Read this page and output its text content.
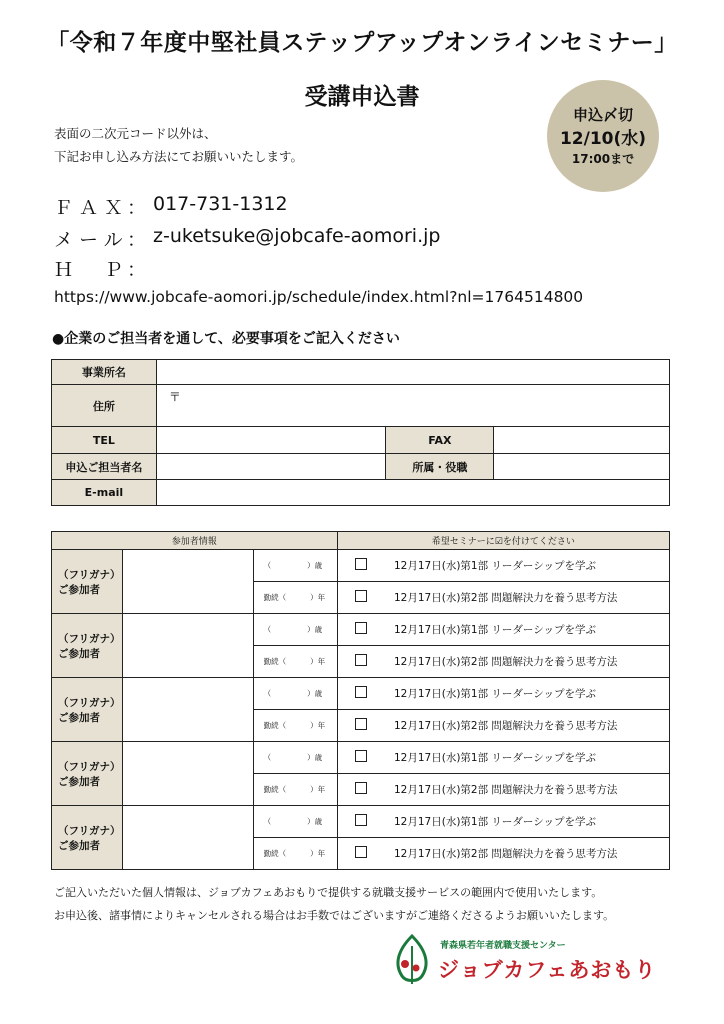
「令和７年度中堅社員ステップアップオンラインセミナー」
受講申込書
表面の二次元コード以外は、
下記お申し込み方法にてお願いいたします。
申込〆切
12/10(水)
17:00まで
ＦＡＸ
： 017-731-1312
メール
： z-uketsuke@jobcafe-aomori.jp
Ｈ　Ｐ
：
https://www.jobcafe-aomori.jp/schedule/index.html?nl=1764514800
●企業のご担当者を通して、必要事項をご記入ください
事業所名			
住所	〒		
TEL		FAX	
申込ご担当者名		所属・役職	
E-mail			
参加者情報			希望セミナーに☑を付けてください	
（フリガナ）
ご参加者		（ ）歳		12月17日(水)第1部 リーダーシップを学ぶ
		勤続（ ）年		12月17日(水)第2部 問題解決力を養う思考方法
（フリガナ）
ご参加者		（ ）歳		12月17日(水)第1部 リーダーシップを学ぶ
		勤続（ ）年		12月17日(水)第2部 問題解決力を養う思考方法
（フリガナ）
ご参加者		（ ）歳		12月17日(水)第1部 リーダーシップを学ぶ
		勤続（ ）年		12月17日(水)第2部 問題解決力を養う思考方法
（フリガナ）
ご参加者		（ ）歳		12月17日(水)第1部 リーダーシップを学ぶ
		勤続（ ）年		12月17日(水)第2部 問題解決力を養う思考方法
（フリガナ）
ご参加者		（ ）歳		12月17日(水)第1部 リーダーシップを学ぶ
		勤続（ ）年		12月17日(水)第2部 問題解決力を養う思考方法
ご記入いただいた個人情報は、ジョブカフェあおもりで提供する就職支援サービスの範囲内で使用いたします。
お申込後、諸事情によりキャンセルされる場合はお手数ではございますがご連絡くださるようお願いいたします。
青森県若年者就職支援センター
ジョブカフェあおもり
